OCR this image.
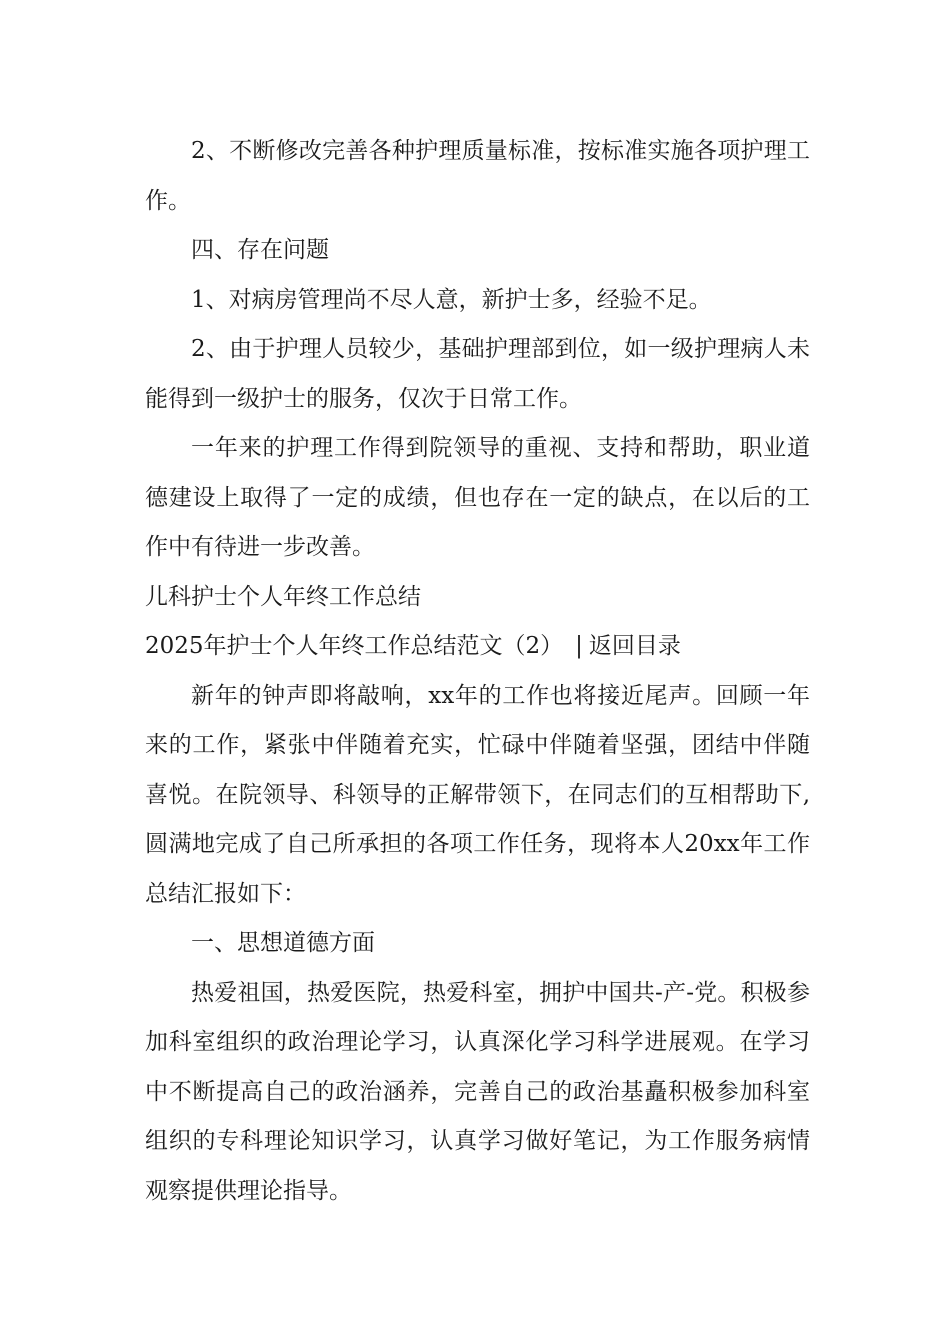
2、不断修改完善各种护理质量标准，按标准实施各项护理工作。

四、存在问题

1、对病房管理尚不尽人意，新护士多，经验不足。

2、由于护理人员较少，基础护理部到位，如一级护理病人未能得到一级护士的服务，仅次于日常工作。

一年来的护理工作得到院领导的重视、支持和帮助，职业道德建设上取得了一定的成绩，但也存在一定的缺点，在以后的工作中有待进一步改善。

儿科护士个人年终工作总结

2025年护士个人年终工作总结范文（2） | 返回目录

新年的钟声即将敲响，xx年的工作也将接近尾声。回顾一年来的工作，紧张中伴随着充实，忙碌中伴随着坚强，团结中伴随喜悦。在院领导、科领导的正解带领下，在同志们的互相帮助下,圆满地完成了自己所承担的各项工作任务，现将本人20xx年工作总结汇报如下：

一、思想道德方面

热爱祖国，热爱医院，热爱科室，拥护中国共-产-党。积极参加科室组织的政治理论学习，认真深化学习科学进展观。在学习中不断提高自己的政治涵养，完善自己的政治基矗积极参加科室组织的专科理论知识学习，认真学习做好笔记，为工作服务病情观察提供理论指导。
